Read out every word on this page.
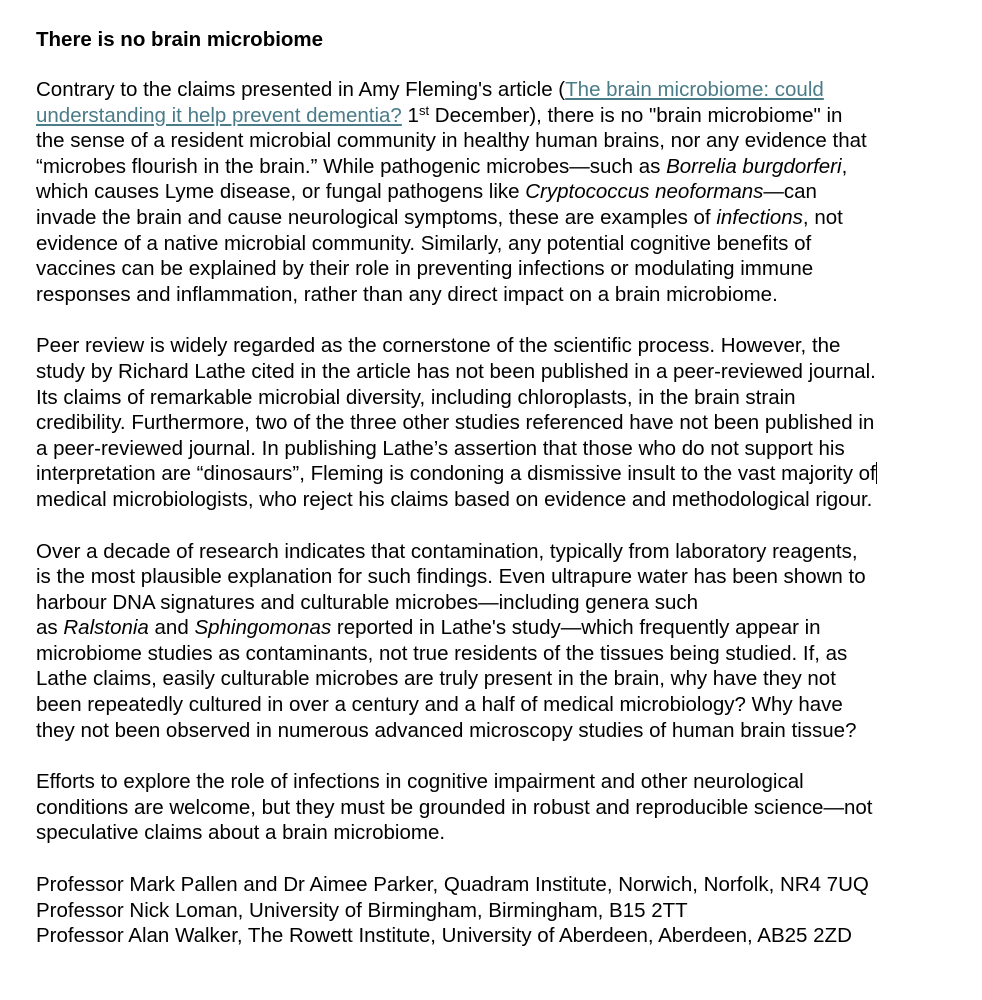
There is no brain microbiome
Contrary to the claims presented in Amy Fleming's article (The brain microbiome: could
understanding it help prevent dementia? 1st December), there is no "brain microbiome" in
the sense of a resident microbial community in healthy human brains, nor any evidence that
“microbes flourish in the brain.” While pathogenic microbes—such as Borrelia burgdorferi,
which causes Lyme disease, or fungal pathogens like Cryptococcus neoformans—can
invade the brain and cause neurological symptoms, these are examples of infections, not
evidence of a native microbial community. Similarly, any potential cognitive benefits of
vaccines can be explained by their role in preventing infections or modulating immune
responses and inflammation, rather than any direct impact on a brain microbiome.
Peer review is widely regarded as the cornerstone of the scientific process. However, the
study by Richard Lathe cited in the article has not been published in a peer-reviewed journal.
Its claims of remarkable microbial diversity, including chloroplasts, in the brain strain
credibility. Furthermore, two of the three other studies referenced have not been published in
a peer-reviewed journal. In publishing Lathe’s assertion that those who do not support his
interpretation are “dinosaurs”, Fleming is condoning a dismissive insult to the vast majority of
medical microbiologists, who reject his claims based on evidence and methodological rigour.
Over a decade of research indicates that contamination, typically from laboratory reagents,
is the most plausible explanation for such findings. Even ultrapure water has been shown to
harbour DNA signatures and culturable microbes—including genera such
as Ralstonia and Sphingomonas reported in Lathe's study—which frequently appear in
microbiome studies as contaminants, not true residents of the tissues being studied. If, as
Lathe claims, easily culturable microbes are truly present in the brain, why have they not
been repeatedly cultured in over a century and a half of medical microbiology? Why have
they not been observed in numerous advanced microscopy studies of human brain tissue?
Efforts to explore the role of infections in cognitive impairment and other neurological
conditions are welcome, but they must be grounded in robust and reproducible science—not
speculative claims about a brain microbiome.
Professor Mark Pallen and Dr Aimee Parker, Quadram Institute, Norwich, Norfolk, NR4 7UQ
Professor Nick Loman, University of Birmingham, Birmingham, B15 2TT
Professor Alan Walker, The Rowett Institute, University of Aberdeen, Aberdeen, AB25 2ZD
